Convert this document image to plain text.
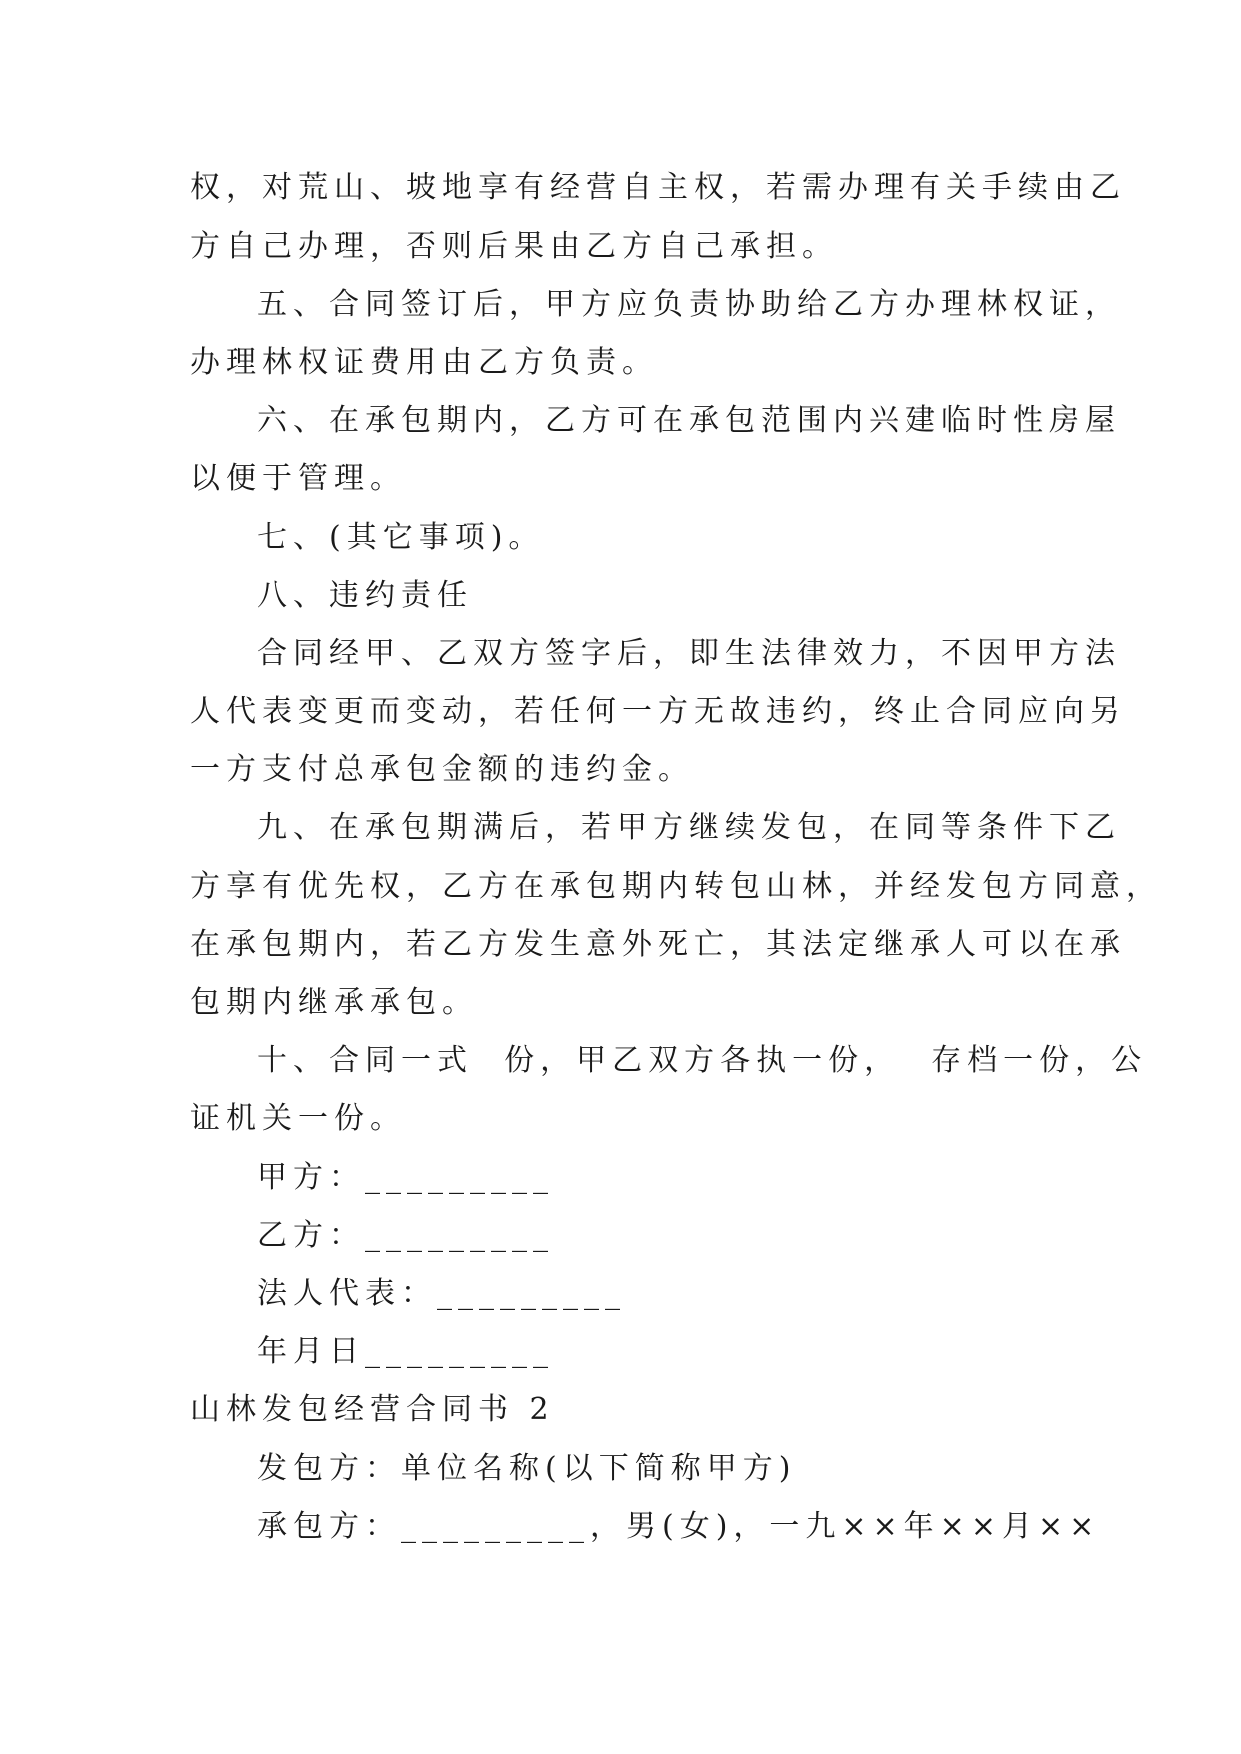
权，对荒山、坡地享有经营自主权，若需办理有关手续由乙
方自己办理，否则后果由乙方自己承担。
五、合同签订后，甲方应负责协助给乙方办理林权证，
办理林权证费用由乙方负责。
六、在承包期内，乙方可在承包范围内兴建临时性房屋
以便于管理。
七、(其它事项)。
八、违约责任
合同经甲、乙双方签字后，即生法律效力，不因甲方法
人代表变更而变动，若任何一方无故违约，终止合同应向另
一方支付总承包金额的违约金。
九、在承包期满后，若甲方继续发包，在同等条件下乙
方享有优先权，乙方在承包期内转包山林，并经发包方同意，
在承包期内，若乙方发生意外死亡，其法定继承人可以在承
包期内继承承包。
十、合同一式  份，甲乙双方各执一份，  存档一份，公
证机关一份。
甲方：_________
乙方：_________
法人代表：_________
年月日_________
山林发包经营合同书 2
发包方：单位名称(以下简称甲方)
承包方：_________，男(女)，一九××年××月××
